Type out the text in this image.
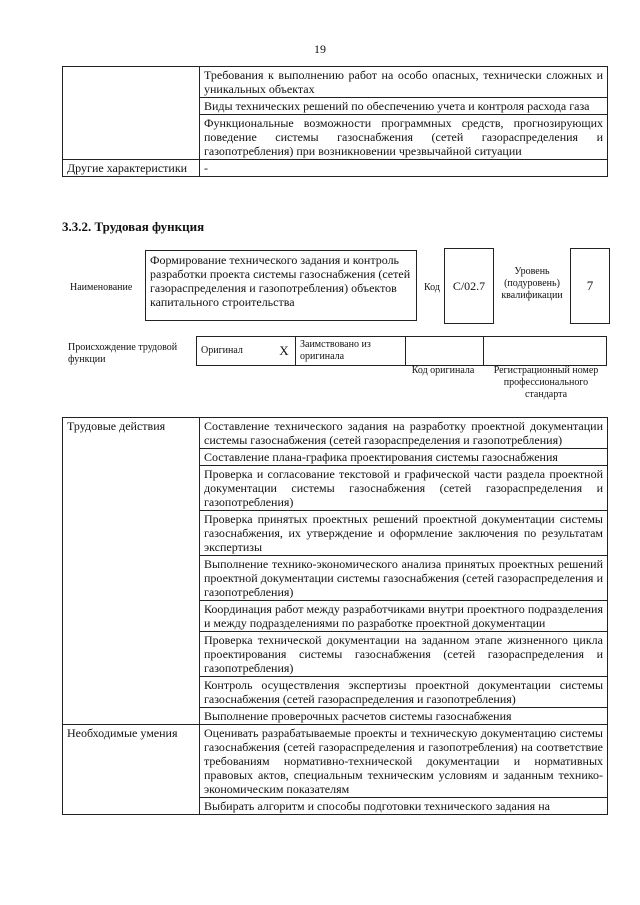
19
	Требования к выполнению работ на особо опасных, технически сложных и уникальных объектах
	Виды технических решений по обеспечению учета и контроля расхода газа
	Функциональные возможности программных средств, прогнозирующих поведение системы газоснабжения (сетей газораспределения и газопотребления) при возникновении чрезвычайной ситуации
Другие характеристики	-
3.3.2. Трудовая функция
Наименование
Формирование технического задания и контроль разработки проекта системы газоснабжения (сетей газораспределения и газопотребления) объектов капитального строительства
Код	C/02.7
Уровень (подуровень) квалификации
7
Происхождение трудовой функции
Оригинал	X	Заимствовано из оригинала		
Код оригинала	Регистрационный номер профессионального стандарта
Трудовые действия	Составление технического задания на разработку проектной документации системы газоснабжения (сетей газораспределения и газопотребления)
	Составление плана-графика проектирования системы газоснабжения
	Проверка и согласование текстовой и графической части раздела проектной документации системы газоснабжения (сетей газораспределения и газопотребления)
	Проверка принятых проектных решений проектной документации системы газоснабжения, их утверждение и оформление заключения по результатам экспертизы
	Выполнение технико-экономического анализа принятых проектных решений проектной документации системы газоснабжения (сетей газораспределения и газопотребления)
	Координация работ между разработчиками внутри проектного подразделения и между подразделениями по разработке проектной документации
	Проверка технической документации на заданном этапе жизненного цикла проектирования системы газоснабжения (сетей газораспределения и газопотребления)
	Контроль осуществления экспертизы проектной документации системы газоснабжения (сетей газораспределения и газопотребления)
	Выполнение проверочных расчетов системы газоснабжения
Необходимые умения	Оценивать разрабатываемые проекты и техническую документацию системы газоснабжения (сетей газораспределения и газопотребления) на соответствие требованиям нормативно-технической документации и нормативных правовых актов, специальным техническим условиям и заданным технико-экономическим показателям
	Выбирать алгоритм и способы подготовки технического задания на
